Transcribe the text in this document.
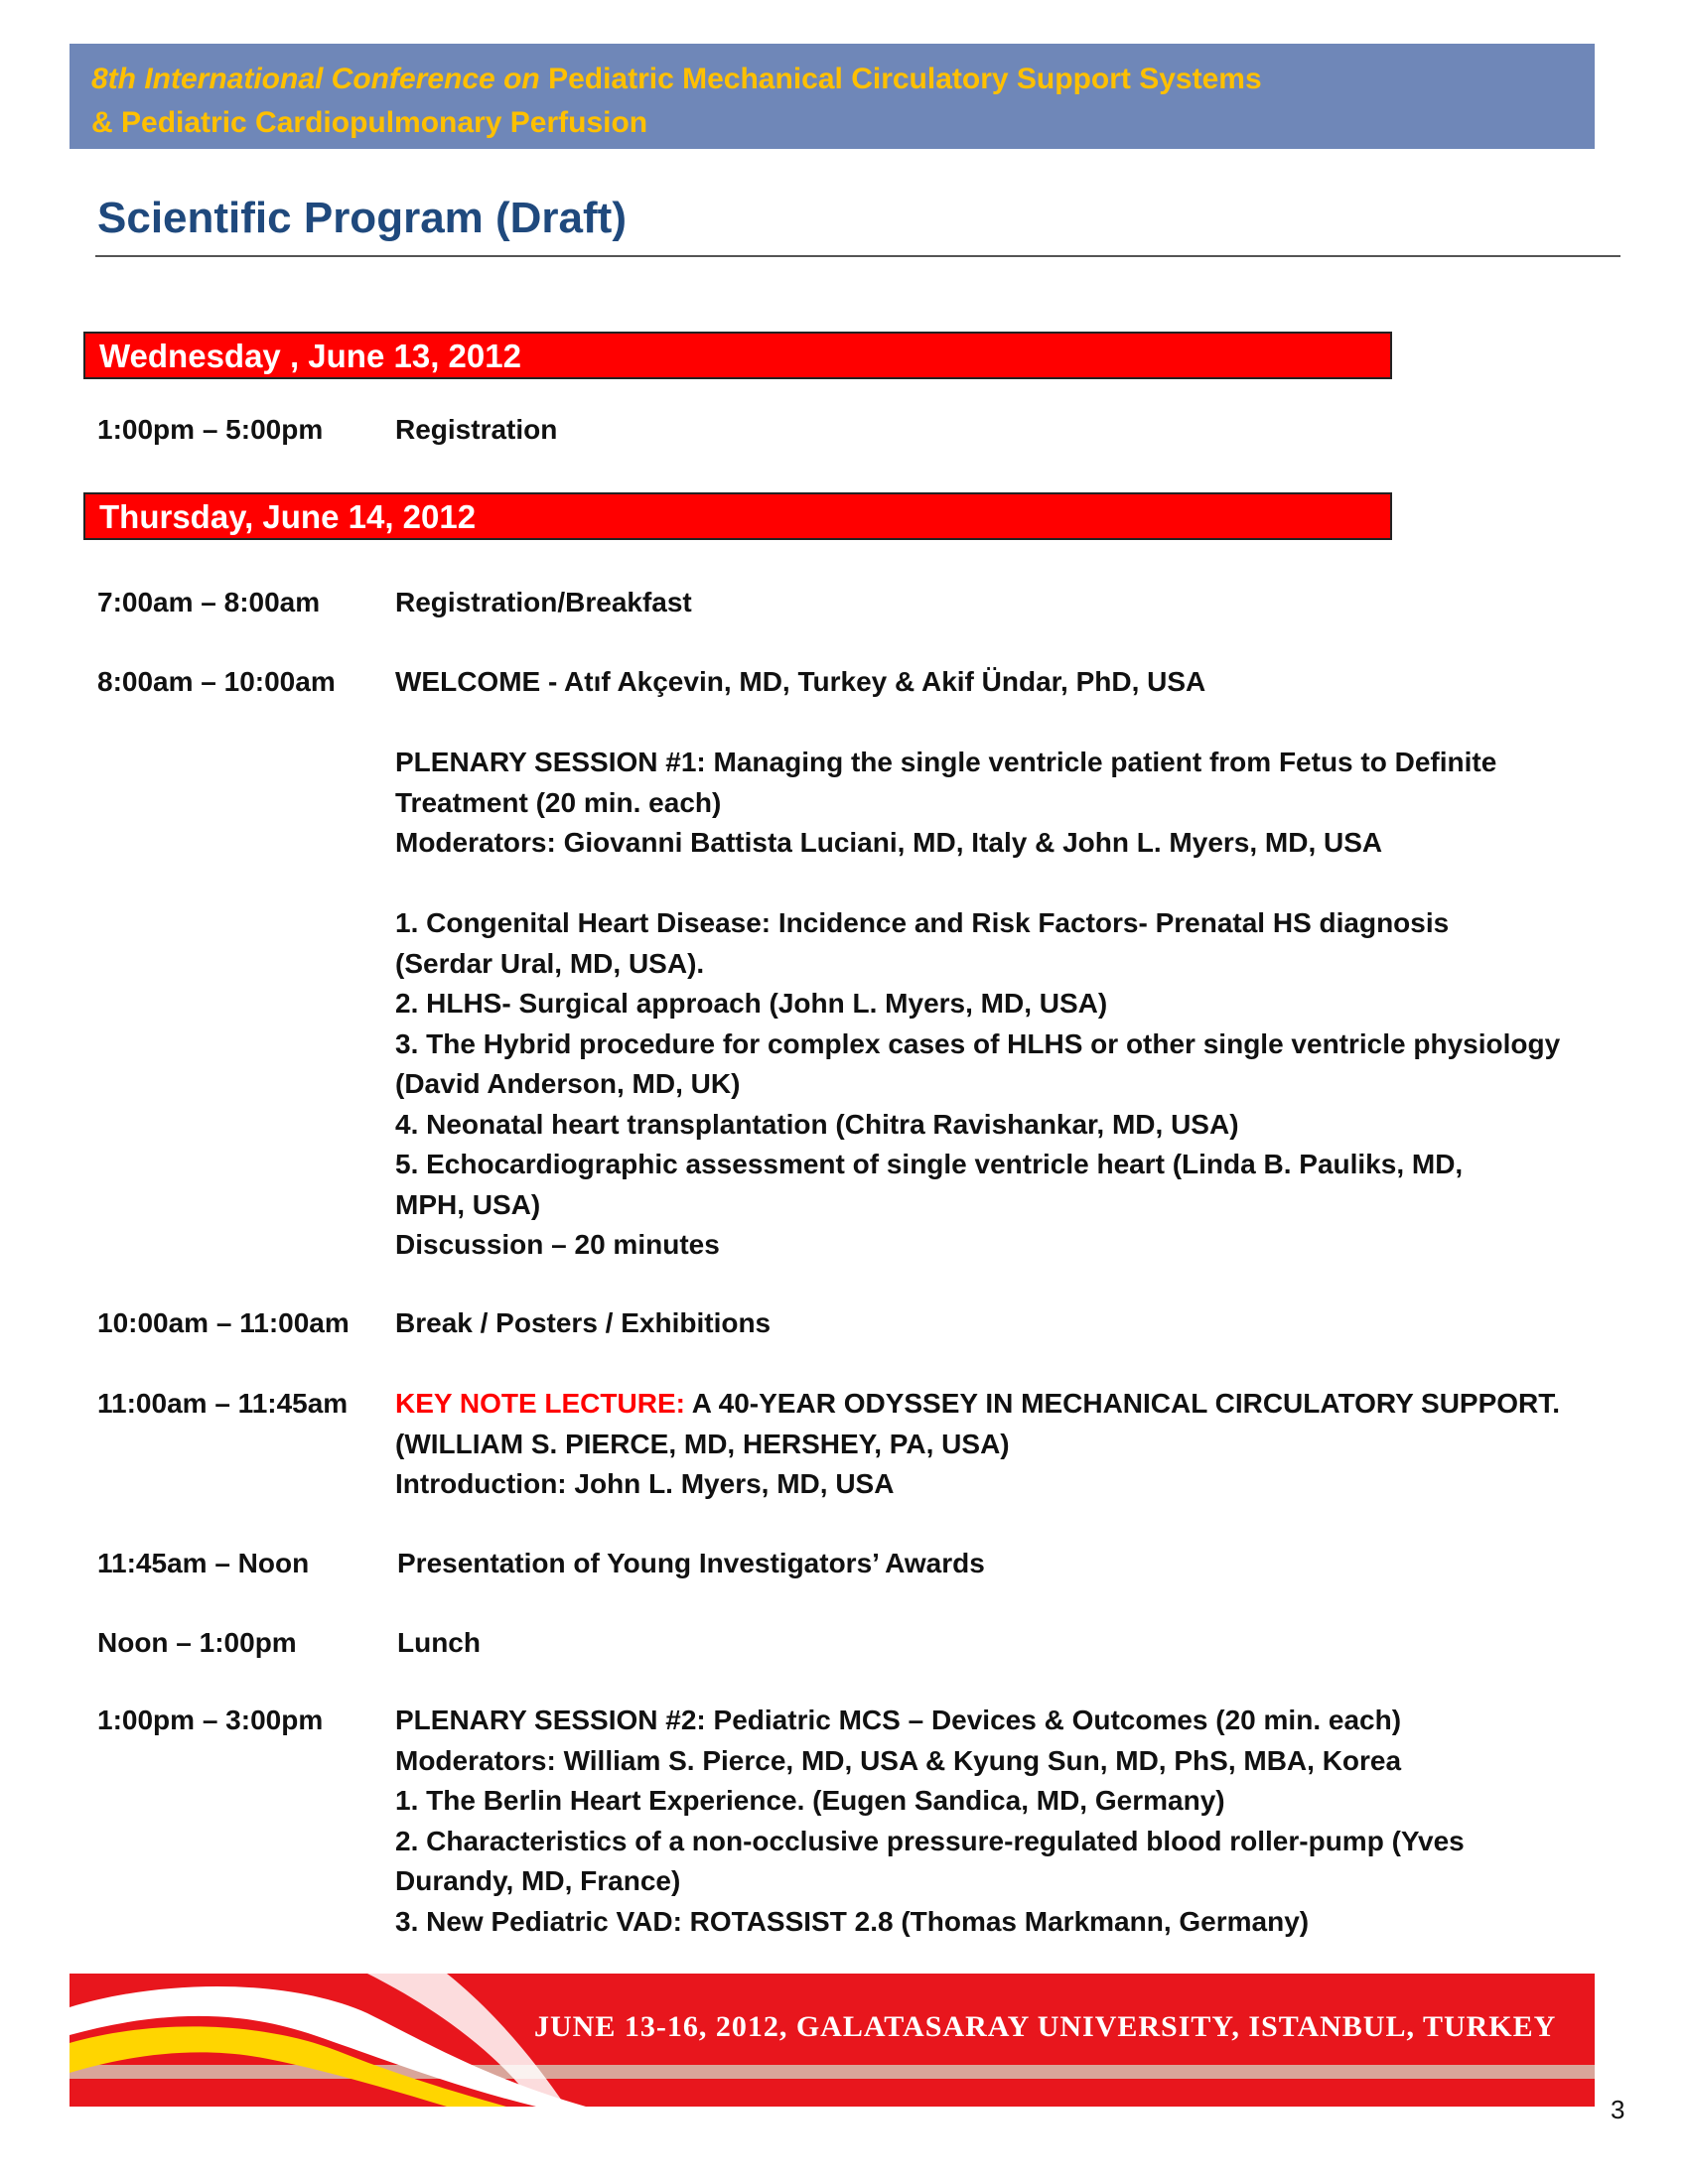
8th International Conference on Pediatric Mechanical Circulatory Support Systems
& Pediatric Cardiopulmonary Perfusion
Scientific Program (Draft)
Wednesday , June 13, 2012
1:00pm – 5:00pm	Registration

Thursday, June 14, 2012
7:00am – 8:00am	Registration/Breakfast

8:00am – 10:00am WELCOME - Atıf Akçevin, MD, Turkey & Akif Ündar, PhD, USA

PLENARY SESSION #1: Managing the single ventricle patient from Fetus to Definite

Treatment (20 min. each)

Moderators: Giovanni Battista Luciani, MD, Italy & John L. Myers, MD, USA

1. Congenital Heart Disease: Incidence and Risk Factors- Prenatal HS diagnosis

(Serdar Ural, MD, USA).

2. HLHS- Surgical approach (John L. Myers, MD, USA)

3. The Hybrid procedure for complex cases of HLHS or other single ventricle physiology

(David Anderson, MD, UK)

4. Neonatal heart transplantation (Chitra Ravishankar, MD, USA)

5. Echocardiographic assessment of single ventricle heart (Linda B. Pauliks, MD,

MPH, USA)

Discussion – 20 minutes

10:00am – 11:00am Break / Posters / Exhibitions

11:00am – 11:45am KEY NOTE LECTURE: A 40-YEAR ODYSSEY IN MECHANICAL CIRCULATORY SUPPORT.

(WILLIAM S. PIERCE, MD, HERSHEY, PA, USA)

Introduction: John L. Myers, MD, USA

11:45am – Noon	Presentation of Young Investigators’ Awards

Noon – 1:00pm	Lunch

1:00pm – 3:00pm	PLENARY SESSION #2: Pediatric MCS – Devices & Outcomes (20 min. each)

Moderators: William S. Pierce, MD, USA & Kyung Sun, MD, PhS, MBA, Korea

1. The Berlin Heart Experience. (Eugen Sandica, MD, Germany)

2. Characteristics of a non-occlusive pressure-regulated blood roller-pump (Yves

Durandy, MD, France)

3. New Pediatric VAD: ROTASSIST 2.8 (Thomas Markmann, Germany)

JUNE 13-16, 2012, GALATASARAY UNIVERSITY, ISTANBUL, TURKEY
3
